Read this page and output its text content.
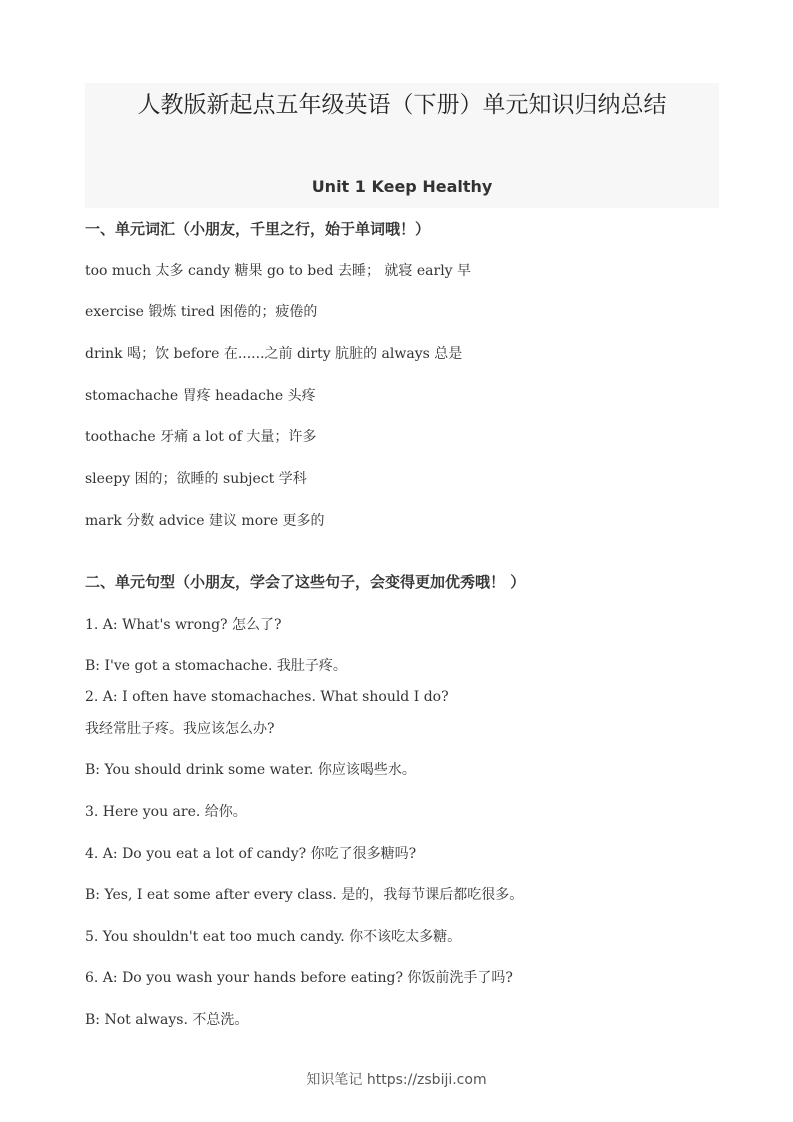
人教版新起点五年级英语（下册）单元知识归纳总结
Unit 1 Keep Healthy
一、单元词汇（小朋友，千里之行，始于单词哦！）
too much 太多 candy 糖果 go to bed 去睡； 就寝 early 早
exercise 锻炼 tired 困倦的；疲倦的
drink 喝；饮 before 在......之前 dirty 肮脏的 always 总是
stomachache 胃疼 headache 头疼
toothache 牙痛 a lot of 大量；许多
sleepy 困的；欲睡的 subject 学科
mark 分数 advice 建议 more 更多的
二、单元句型（小朋友，学会了这些句子，会变得更加优秀哦！ ）
1. A: What's wrong? 怎么了?
B: I've got a stomachache. 我肚子疼。
2. A: I often have stomachaches. What should I do?
我经常肚子疼。我应该怎么办?
B: You should drink some water. 你应该喝些水。
3. Here you are. 给你。
4. A: Do you eat a lot of candy? 你吃了很多糖吗?
B: Yes, I eat some after every class. 是的，我每节课后都吃很多。
5. You shouldn't eat too much candy. 你不该吃太多糖。
6. A: Do you wash your hands before eating? 你饭前洗手了吗?
B: Not always. 不总洗。
知识笔记 https://zsbiji.com
